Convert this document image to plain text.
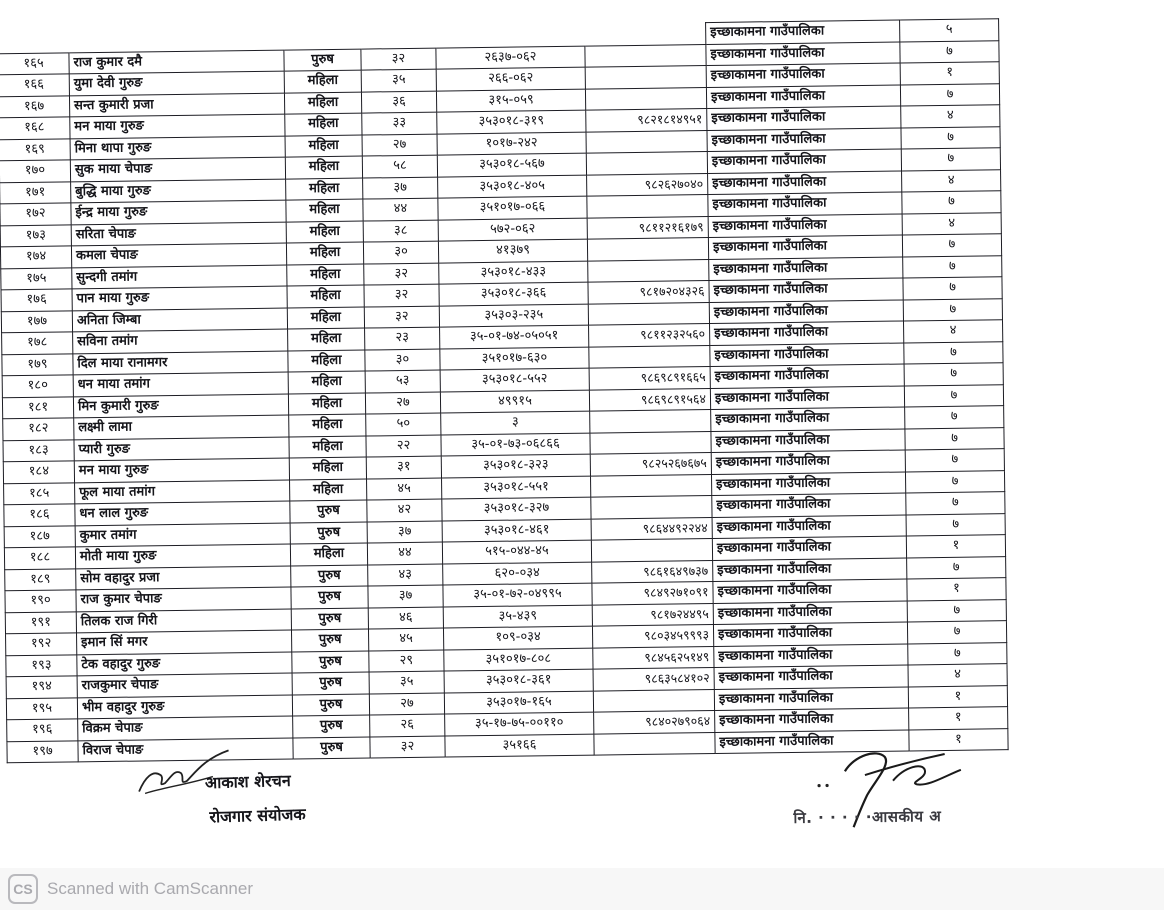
						इच्छाकामना गाउँपालिका	५
१६५	राज कुमार दमै	पुरुष	३२	२६३७-०६२		इच्छाकामना गाउँपालिका	७
१६६	युमा देवी गुरुङ	महिला	३५	२६६-०६२		इच्छाकामना गाउँपालिका	१
१६७	सन्त कुमारी प्रजा	महिला	३६	३१५-०५९		इच्छाकामना गाउँपालिका	७
१६८	मन माया गुरुङ	महिला	३३	३५३०१८-३१९	९८२१८१४९५१	इच्छाकामना गाउँपालिका	४
१६९	मिना थापा गुरुङ	महिला	२७	१०१७-२४२		इच्छाकामना गाउँपालिका	७
१७०	सुक माया चेपाङ	महिला	५८	३५३०१८-५६७		इच्छाकामना गाउँपालिका	७
१७१	बुद्धि माया गुरुङ	महिला	३७	३५३०१८-४०५	९८२६२७०४०	इच्छाकामना गाउँपालिका	४
१७२	ईन्द्र माया गुरुङ	महिला	४४	३५१०१७-०६६		इच्छाकामना गाउँपालिका	७
१७३	सरिता चेपाङ	महिला	३८	५७२-०६२	९८११२१६१७९	इच्छाकामना गाउँपालिका	४
१७४	कमला चेपाङ	महिला	३०	४१३७९		इच्छाकामना गाउँपालिका	७
१७५	सुन्दगी तमांग	महिला	३२	३५३०१८-४३३		इच्छाकामना गाउँपालिका	७
१७६	पान माया गुरुङ	महिला	३२	३५३०१८-३६६	९८१७२०४३२६	इच्छाकामना गाउँपालिका	७
१७७	अनिता जिम्बा	महिला	३२	३५३०३-२३५		इच्छाकामना गाउँपालिका	७
१७८	सविना तमांग	महिला	२३	३५-०१-७४-०५०५१	९८११२३२५६०	इच्छाकामना गाउँपालिका	४
१७९	दिल माया रानामगर	महिला	३०	३५१०१७-६३०		इच्छाकामना गाउँपालिका	७
१८०	धन माया तमांग	महिला	५३	३५३०१८-५५२	९८६९८९१६६५	इच्छाकामना गाउँपालिका	७
१८१	मिन कुमारी गुरुङ	महिला	२७	४९९१५	९८६९८९१५६४	इच्छाकामना गाउँपालिका	७
१८२	लक्ष्मी लामा	महिला	५०	३		इच्छाकामना गाउँपालिका	७
१८३	प्यारी गुरुङ	महिला	२२	३५-०१-७३-०६८६६		इच्छाकामना गाउँपालिका	७
१८४	मन माया गुरुङ	महिला	३१	३५३०१८-३२३	९८२५२६७६७५	इच्छाकामना गाउँपालिका	७
१८५	फूल माया तमांग	महिला	४५	३५३०१८-५५१		इच्छाकामना गाउँपालिका	७
१८६	धन लाल गुरुङ	पुरुष	४२	३५३०१८-३२७		इच्छाकामना गाउँपालिका	७
१८७	कुमार तमांग	पुरुष	३७	३५३०१८-४६१	९८६४४९२२४४	इच्छाकामना गाउँपालिका	७
१८८	मोती माया गुरुङ	महिला	४४	५१५-०४४-४५		इच्छाकामना गाउँपालिका	१
१८९	सोम वहादुर प्रजा	पुरुष	४३	६२०-०३४	९८६१६४९७३७	इच्छाकामना गाउँपालिका	७
१९०	राज कुमार चेपाङ	पुरुष	३७	३५-०१-७२-०४९९५	९८४९२७१०९१	इच्छाकामना गाउँपालिका	१
१९१	तिलक राज गिरी	पुरुष	४६	३५-४३९	९८१७२४४९५	इच्छाकामना गाउँपालिका	७
१९२	इमान सिं मगर	पुरुष	४५	१०९-०३४	९८०३४५९९९३	इच्छाकामना गाउँपालिका	७
१९३	टेक वहादुर गुरुङ	पुरुष	२९	३५१०१७-८०८	९८४५६२५१४९	इच्छाकामना गाउँपालिका	७
१९४	राजकुमार चेपाङ	पुरुष	३५	३५३०१८-३६१	९८६३५८४१०२	इच्छाकामना गाउँपालिका	४
१९५	भीम वहादुर गुरुङ	पुरुष	२७	३५३०१७-१६५		इच्छाकामना गाउँपालिका	१
१९६	विक्रम चेपाङ	पुरुष	२६	३५-१७-७५-००११०	९८४०२७९०६४	इच्छाकामना गाउँपालिका	१
१९७	विराज चेपाङ	पुरुष	३२	३५१६६		इच्छाकामना गाउँपालिका	१
आकाश शेरचन
रोजगार संयोजक	नि. · · · · ·आसकीय अ
CS Scanned with CamScanner
